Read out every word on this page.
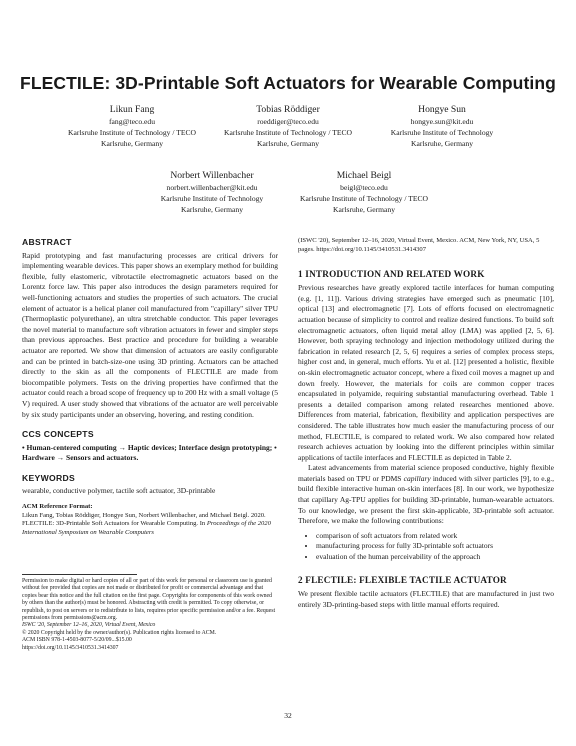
FLECTILE: 3D-Printable Soft Actuators for Wearable Computing
Likun Fang
fang@teco.edu
Karlsruhe Institute of Technology / TECO
Karlsruhe, Germany
Tobias Röddiger
roeddiger@teco.edu
Karlsruhe Institute of Technology / TECO
Karlsruhe, Germany
Hongye Sun
hongye.sun@kit.edu
Karlsruhe Institute of Technology
Karlsruhe, Germany
Norbert Willenbacher
norbert.willenbacher@kit.edu
Karlsruhe Institute of Technology
Karlsruhe, Germany
Michael Beigl
beigl@teco.edu
Karlsruhe Institute of Technology / TECO
Karlsruhe, Germany

ABSTRACT

Rapid prototyping and fast manufacturing processes are critical drivers for implementing wearable devices. This paper shows an exemplary method for building flexible, fully elastomeric, vibrotactile electromagnetic actuators based on the Lorentz force law. This paper also introduces the design parameters required for well-functioning actuators and studies the properties of such actuators. The crucial element of actuator is a helical planer coil manufactured from "capillary" silver TPU (Thermoplastic polyurethane), an ultra stretchable conductor. This paper leverages the novel material to manufacture soft vibration actuators in fewer and simpler steps than previous approaches. Best practice and procedure for building a wearable actuator are reported. We show that dimension of actuators are easily configurable and can be printed in batch-size-one using 3D printing. Actuators can be attached directly to the skin as all the components of FLECTILE are made from biocompatible polymers. Tests on the driving properties have confirmed that the actuator could reach a broad scope of frequency up to 200 Hz with a small voltage (5 V) required. A user study showed that vibrations of the actuator are well perceivable by six study participants under an observing, hovering, and resting condition.

CCS CONCEPTS

• Human-centered computing → Haptic devices; Interface design prototyping; • Hardware → Sensors and actuators.

KEYWORDS

wearable, conductive polymer, tactile soft actuator, 3D-printable

ACM Reference Format:

Likun Fang, Tobias Röddiger, Hongye Sun, Norbert Willenbacher, and Michael Beigl. 2020. FLECTILE: 3D-Printable Soft Actuators for Wearable Computing. In Proceedings of the 2020 International Symposium on Wearable Computers

Permission to make digital or hard copies of all or part of this work for personal or classroom use is granted without fee provided that copies are not made or distributed for profit or commercial advantage and that copies bear this notice and the full citation on the first page. Copyrights for components of this work owned by others than the author(s) must be honored. Abstracting with credit is permitted. To copy otherwise, or republish, to post on servers or to redistribute to lists, requires prior specific permission and/or a fee. Request permissions from permissions@acm.org.

ISWC '20, September 12–16, 2020, Virtual Event, Mexico

© 2020 Copyright held by the owner/author(s). Publication rights licensed to ACM.

ACM ISBN 978-1-4503-8077-5/20/09...$15.00

https://doi.org/10.1145/3410531.3414307

(ISWC '20), September 12–16, 2020, Virtual Event, Mexico. ACM, New York, NY, USA, 5 pages. https://doi.org/10.1145/3410531.3414307

1 INTRODUCTION AND RELATED WORK

Previous researches have greatly explored tactile interfaces for human computing (e.g. [1, 11]). Various driving strategies have emerged such as pneumatic [10], optical [13] and electromagnetic [7]. Lots of efforts focused on electromagnetic actuation because of simplicity to control and realize desired functions. To build soft electromagnetic actuators, often liquid metal alloy (LMA) was applied [2, 5, 6]. However, both spraying technology and injection methodology utilized during the fabrication in related research [2, 5, 6] requires a series of complex process steps, higher cost and, in general, much efforts. Yu et al. [12] presented a holistic, flexible on-skin electromagnetic actuator concept, where a fixed coil moves a magnet up and down freely. However, the materials for coils are common copper traces encapsulated in polyamide, requiring substantial manufacturing overhead. Table 1 presents a detailed comparison among related researches mentioned above. Differences from material, fabrication, flexibility and application perspectives are considered. The table illustrates how much easier the manufacturing process of our method, FLECTILE, is compared to related work. We also compared how related research achieves actuation by looking into the different principles within similar applications of tactile interfaces and FLECTILE as depicted in Table 2.

Latest advancements from material science proposed conductive, highly flexible materials based on TPU or PDMS capillary induced with silver particles [9], to e.g., build flexible interactive human on-skin interfaces [8]. In our work, we hypothesize that capillary Ag-TPU applies for building 3D-printable, human-wearable actuators. To our knowledge, we present the first skin-applicable, 3D-printable soft actuator. Therefore, we make the following contributions:

• comparison of soft actuators from related work
• manufacturing process for fully 3D-printable soft actuators
• evaluation of the human perceivability of the approach

2 FLECTILE: FLEXIBLE TACTILE ACTUATOR

We present flexible tactile actuators (FLECTILE) that are manufactured in just two entirely 3D-printing-based steps with little manual efforts required.

32
